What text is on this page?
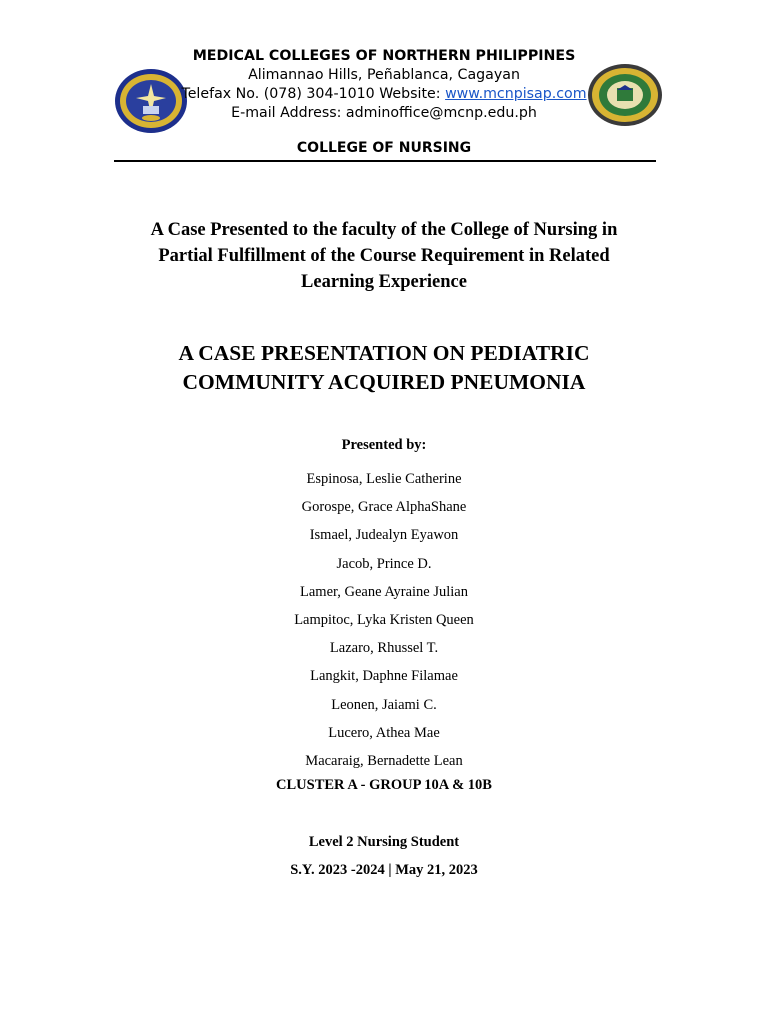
MEDICAL COLLEGES OF NORTHERN PHILIPPINES
Alimannao Hills, Peñablanca, Cagayan
Telefax No. (078) 304-1010 Website: www.mcnpisap.com
E-mail Address: adminoffice@mcnp.edu.ph
COLLEGE OF NURSING
A Case Presented to the faculty of the College of Nursing in
Partial Fulfillment of the Course Requirement in Related
Learning Experience
A CASE PRESENTATION ON PEDIATRIC
COMMUNITY ACQUIRED PNEUMONIA
Presented by:
Espinosa, Leslie Catherine
Gorospe, Grace AlphaShane
Ismael, Judealyn Eyawon
Jacob, Prince D.
Lamer, Geane Ayraine Julian
Lampitoc, Lyka Kristen Queen
Lazaro, Rhussel T.
Langkit, Daphne Filamae
Leonen, Jaiami C.
Lucero, Athea Mae
Macaraig, Bernadette Lean
CLUSTER A - GROUP 10A & 10B
Level 2 Nursing Student
S.Y. 2023 -2024 | May 21, 2023
